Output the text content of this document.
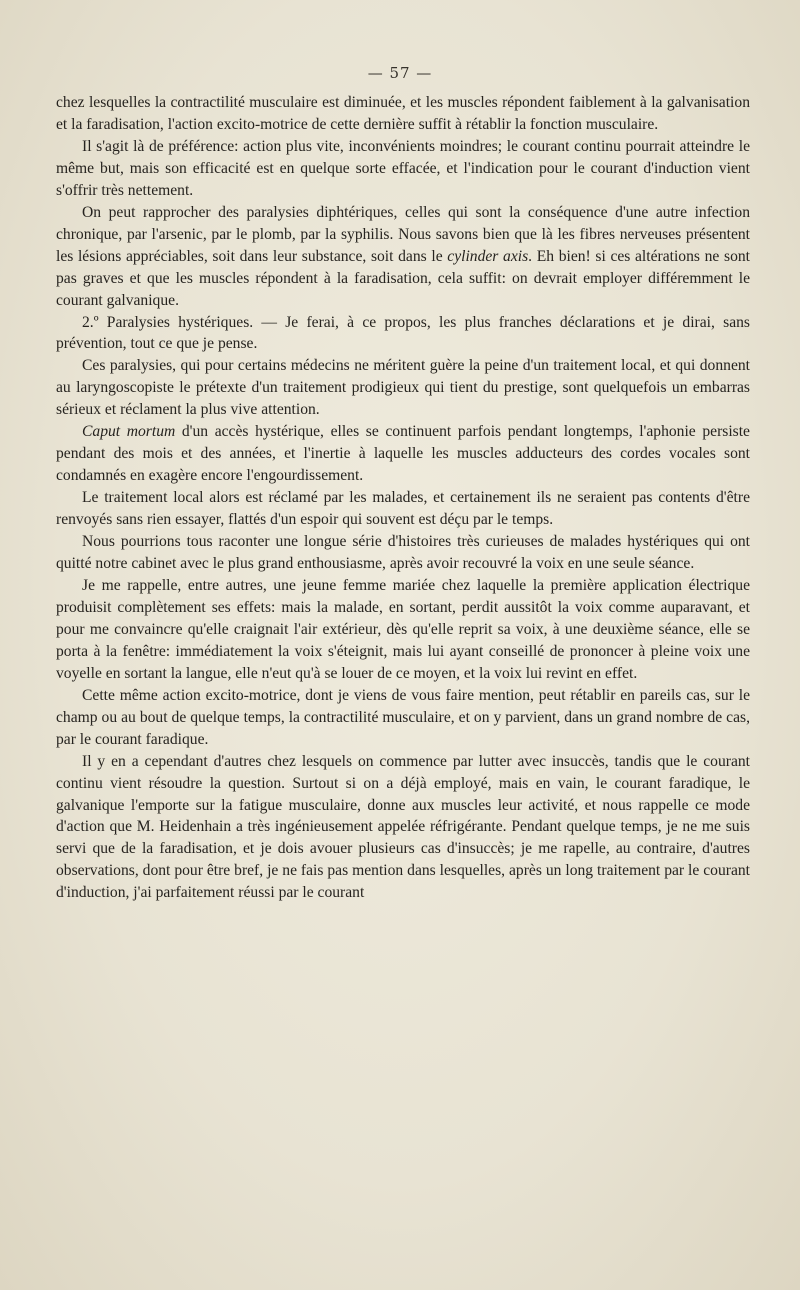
— 57 —

chez lesquelles la contractilité musculaire est diminuée, et les muscles répondent faiblement à la galvanisation et la faradisation, l'action excito-motrice de cette dernière suffit à rétablir la fonction musculaire.

Il s'agit là de préférence: action plus vite, inconvénients moindres; le courant continu pourrait atteindre le même but, mais son efficacité est en quelque sorte effacée, et l'indication pour le courant d'induction vient s'offrir très nettement.

On peut rapprocher des paralysies diphtériques, celles qui sont la conséquence d'une autre infection chronique, par l'arsenic, par le plomb, par la syphilis. Nous savons bien que là les fibres nerveuses présentent les lésions appréciables, soit dans leur substance, soit dans le cylinder axis. Eh bien! si ces altérations ne sont pas graves et que les muscles répondent à la faradisation, cela suffit: on devrait employer différemment le courant galvanique.

2.º Paralysies hystériques. — Je ferai, à ce propos, les plus franches déclarations et je dirai, sans prévention, tout ce que je pense.

Ces paralysies, qui pour certains médecins ne méritent guère la peine d'un traitement local, et qui donnent au laryngoscopiste le prétexte d'un traitement prodigieux qui tient du prestige, sont quelquefois un embarras sérieux et réclament la plus vive attention.

Caput mortum d'un accès hystérique, elles se continuent parfois pendant longtemps, l'aphonie persiste pendant des mois et des années, et l'inertie à laquelle les muscles adducteurs des cordes vocales sont condamnés en exagère encore l'engourdissement.

Le traitement local alors est réclamé par les malades, et certainement ils ne seraient pas contents d'être renvoyés sans rien essayer, flattés d'un espoir qui souvent est déçu par le temps.

Nous pourrions tous raconter une longue série d'histoires très curieuses de malades hystériques qui ont quitté notre cabinet avec le plus grand enthousiasme, après avoir recouvré la voix en une seule séance.

Je me rappelle, entre autres, une jeune femme mariée chez laquelle la première application électrique produisit complètement ses effets: mais la malade, en sortant, perdit aussitôt la voix comme auparavant, et pour me convaincre qu'elle craignait l'air extérieur, dès qu'elle reprit sa voix, à une deuxième séance, elle se porta à la fenêtre: immédiatement la voix s'éteignit, mais lui ayant conseillé de prononcer à pleine voix une voyelle en sortant la langue, elle n'eut qu'à se louer de ce moyen, et la voix lui revint en effet.

Cette même action excito-motrice, dont je viens de vous faire mention, peut rétablir en pareils cas, sur le champ ou au bout de quelque temps, la contractilité musculaire, et on y parvient, dans un grand nombre de cas, par le courant faradique.

Il y en a cependant d'autres chez lesquels on commence par lutter avec insuccès, tandis que le courant continu vient résoudre la question. Surtout si on a déjà employé, mais en vain, le courant faradique, le galvanique l'emporte sur la fatigue musculaire, donne aux muscles leur activité, et nous rappelle ce mode d'action que M. Heidenhain a très ingénieusement appelée réfrigérante. Pendant quelque temps, je ne me suis servi que de la faradisation, et je dois avouer plusieurs cas d'insuccès; je me rapelle, au contraire, d'autres observations, dont pour être bref, je ne fais pas mention dans lesquelles, après un long traitement par le courant d'induction, j'ai parfaitement réussi par le courant
